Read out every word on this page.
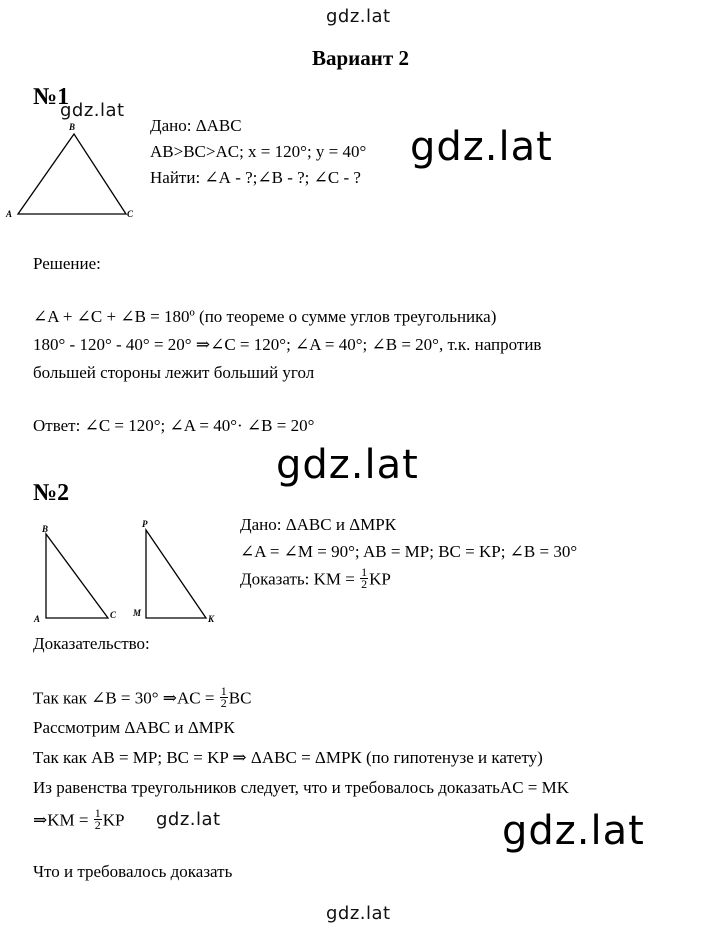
gdz.lat
Вариант 2
№1
gdz.lat
B
A	C
Дано: ΔАВС
AB>BC>AC; х = 120°; у = 40°
Найти: ∠А - ?;∠В - ?; ∠С - ?
gdz.lat
Решение:
∠A + ∠C + ∠B = 180º (по теореме о сумме углов треугольника)
180° - 120° - 40° = 20° ⇒∠C = 120°; ∠A = 40°; ∠B = 20°, т.к. напротив
большей стороны лежит больший угол
Ответ: ∠C = 120°; ∠A = 40°· ∠B = 20°
gdz.lat
№2
B
A	C
P
M
K
Дано: ΔАВС и ΔМРК
∠A = ∠M = 90°; AB = MP; BC = KP; ∠B = 30°
Доказать: KM = $\frac{1}{2}$ KP
Доказательство:
Так как ∠B = 30° ⇒AC = $\frac{1}{2}$ BC
Рассмотрим ΔАВС и ΔМРК
Так как AB = MP; BC = KP ⇒ ΔАВС = ΔМРК (по гипотенузе и катету)
Из равенства треугольников следует, что и требовалось доказатьAC = MK
⇒KM = $\frac{1}{2}$ KP gdz.lat	gdz.lat
Что и требовалось доказать
gdz.lat
